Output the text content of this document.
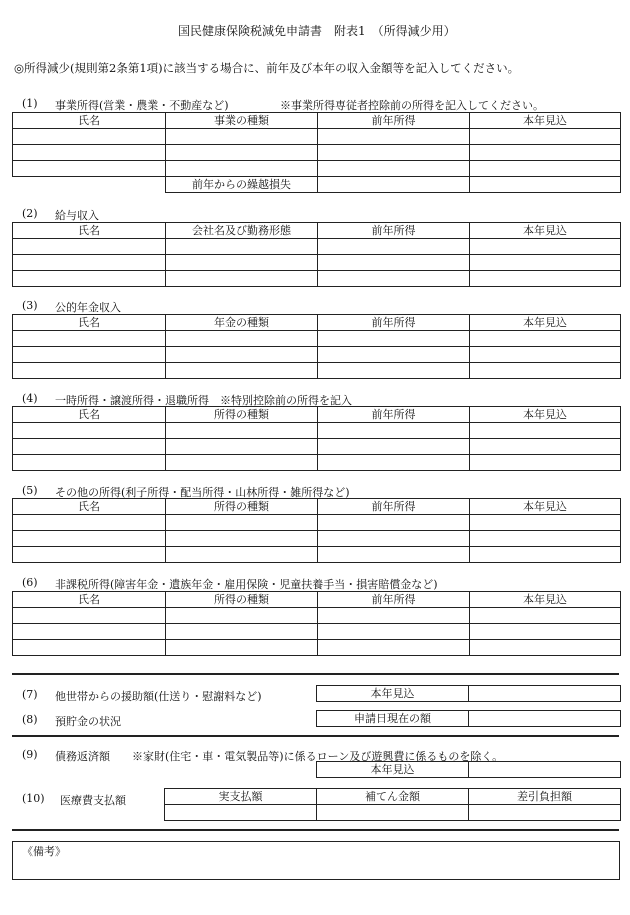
国民健康保険税減免申請書　附表1　（所得減少用）
◎所得減少(規則第2条第1項)に該当する場合に、前年及び本年の収入金額等を記入してください。
(1) 事業所得(営業・農業・不動産など)	※事業所得専従者控除前の所得を記入してください。
氏名	事業の種類	前年所得	本年見込

	前年からの繰越損失		
(2) 給与収入
氏名	会社名及び勤務形態	前年所得	本年見込

(3) 公的年金収入
氏名	年金の種類	前年所得	本年見込

(4) 一時所得・譲渡所得・退職所得　※特別控除前の所得を記入
氏名	所得の種類	前年所得	本年見込

(5) その他の所得(利子所得・配当所得・山林所得・雑所得など)
氏名	所得の種類	前年所得	本年見込

(6) 非課税所得(障害年金・遺族年金・雇用保険・児童扶養手当・損害賠償金など)
氏名	所得の種類	前年所得	本年見込

(7) 他世帯からの援助額(仕送り・慰謝料など)	本年見込	
(8) 預貯金の状況	申請日現在の額	
(9) 債務返済額　　※家財(住宅・車・電気製品等)に係るローン及び遊興費に係るものを除く。
本年見込	
(10) 医療費支払額	実支払額	補てん金額	差引負担額

《備考》
